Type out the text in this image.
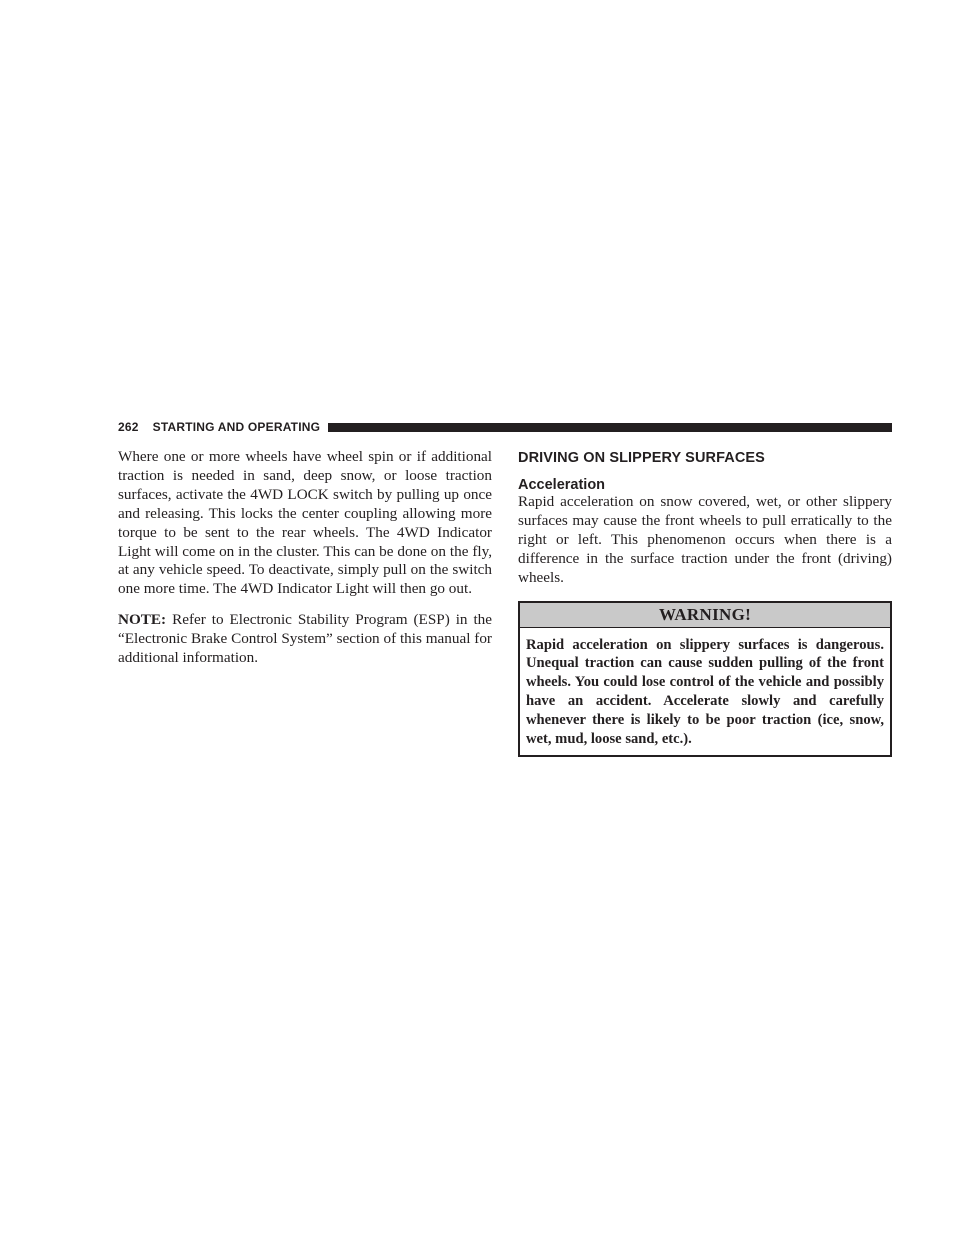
262 STARTING AND OPERATING

Where one or more wheels have wheel spin or if additional traction is needed in sand, deep snow, or loose traction surfaces, activate the 4WD LOCK switch by pulling up once and releasing. This locks the center coupling allowing more torque to be sent to the rear wheels. The 4WD Indicator Light will come on in the cluster. This can be done on the fly, at any vehicle speed. To deactivate, simply pull on the switch one more time. The 4WD Indicator Light will then go out.

NOTE: Refer to Electronic Stability Program (ESP) in the “Electronic Brake Control System” section of this manual for additional information.

DRIVING ON SLIPPERY SURFACES
Acceleration

Rapid acceleration on snow covered, wet, or other slippery surfaces may cause the front wheels to pull erratically to the right or left. This phenomenon occurs when there is a difference in the surface traction under the front (driving) wheels.

WARNING!

Rapid acceleration on slippery surfaces is dangerous. Unequal traction can cause sudden pulling of the front wheels. You could lose control of the vehicle and possibly have an accident. Accelerate slowly and carefully whenever there is likely to be poor traction (ice, snow, wet, mud, loose sand, etc.).
